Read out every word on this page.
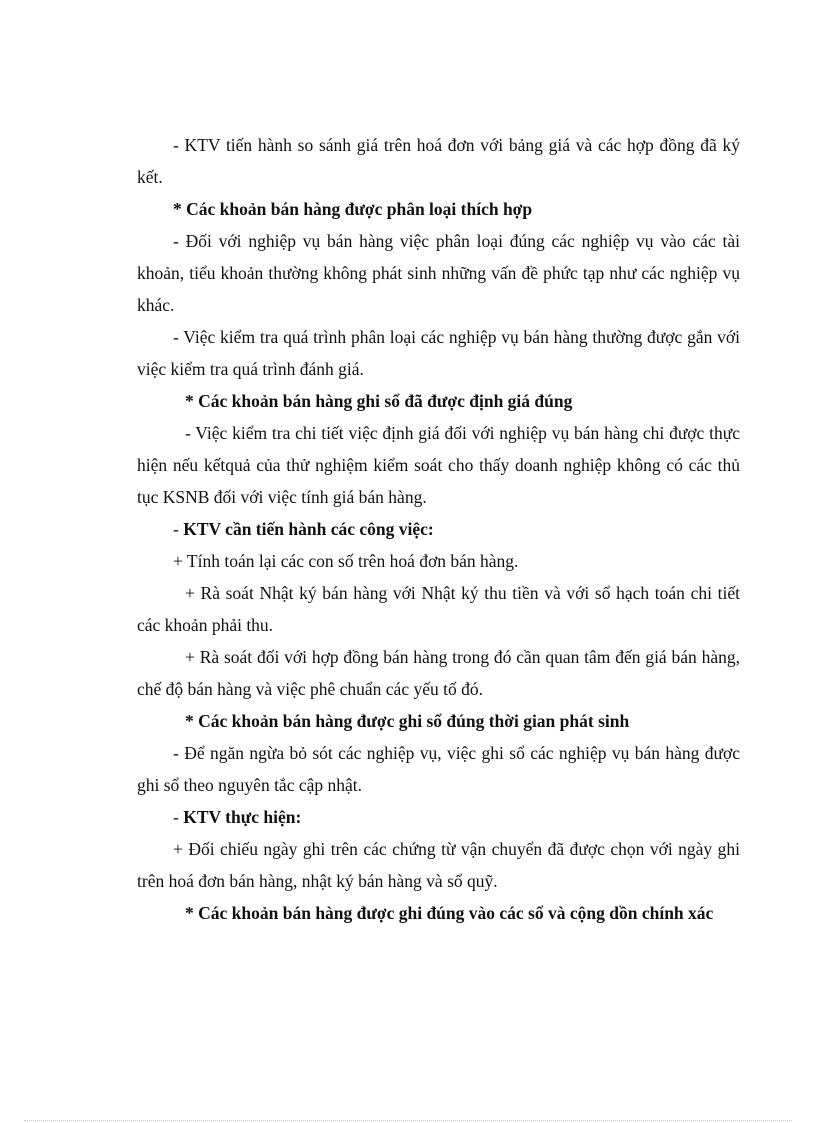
- KTV tiến hành so sánh giá trên hoá đơn với bảng giá và các hợp đồng đã ký kết.

* Các khoản bán hàng được phân loại thích hợp

- Đối với nghiệp vụ bán hàng việc phân loại đúng các nghiệp vụ vào các tài khoản, tiểu khoản thường không phát sinh những vấn đề phức tạp như các nghiệp vụ khác.

- Việc kiểm tra quá trình phân loại các nghiệp vụ bán hàng thường được gắn với việc kiểm tra quá trình đánh giá.

* Các khoản bán hàng ghi sổ đã được định giá đúng

- Việc kiểm tra chi tiết việc định giá đối với nghiệp vụ bán hàng chỉ được thực hiện nếu kếtquả của thử nghiệm kiểm soát cho thấy doanh nghiệp không có các thủ tục KSNB đối với việc tính giá bán hàng.

- KTV cần tiến hành các công việc:

+ Tính toán lại các con số trên hoá đơn bán hàng.

+ Rà soát Nhật ký bán hàng với Nhật ký thu tiền và với sổ hạch toán chi tiết các khoản phải thu.

+ Rà soát đối với hợp đồng bán hàng trong đó cần quan tâm đến giá bán hàng, chế độ bán hàng và việc phê chuẩn các yếu tố đó.

* Các khoản bán hàng được ghi sổ đúng thời gian phát sinh

- Để ngăn ngừa bỏ sót các nghiệp vụ, việc ghi sổ các nghiệp vụ bán hàng được ghi sổ theo nguyên tắc cập nhật.

- KTV thực hiện:

+ Đối chiếu ngày ghi trên các chứng từ vận chuyển đã được chọn với ngày ghi trên hoá đơn bán hàng, nhật ký bán hàng và sổ quỹ.

* Các khoản bán hàng được ghi đúng vào các sổ và cộng dồn chính xác
